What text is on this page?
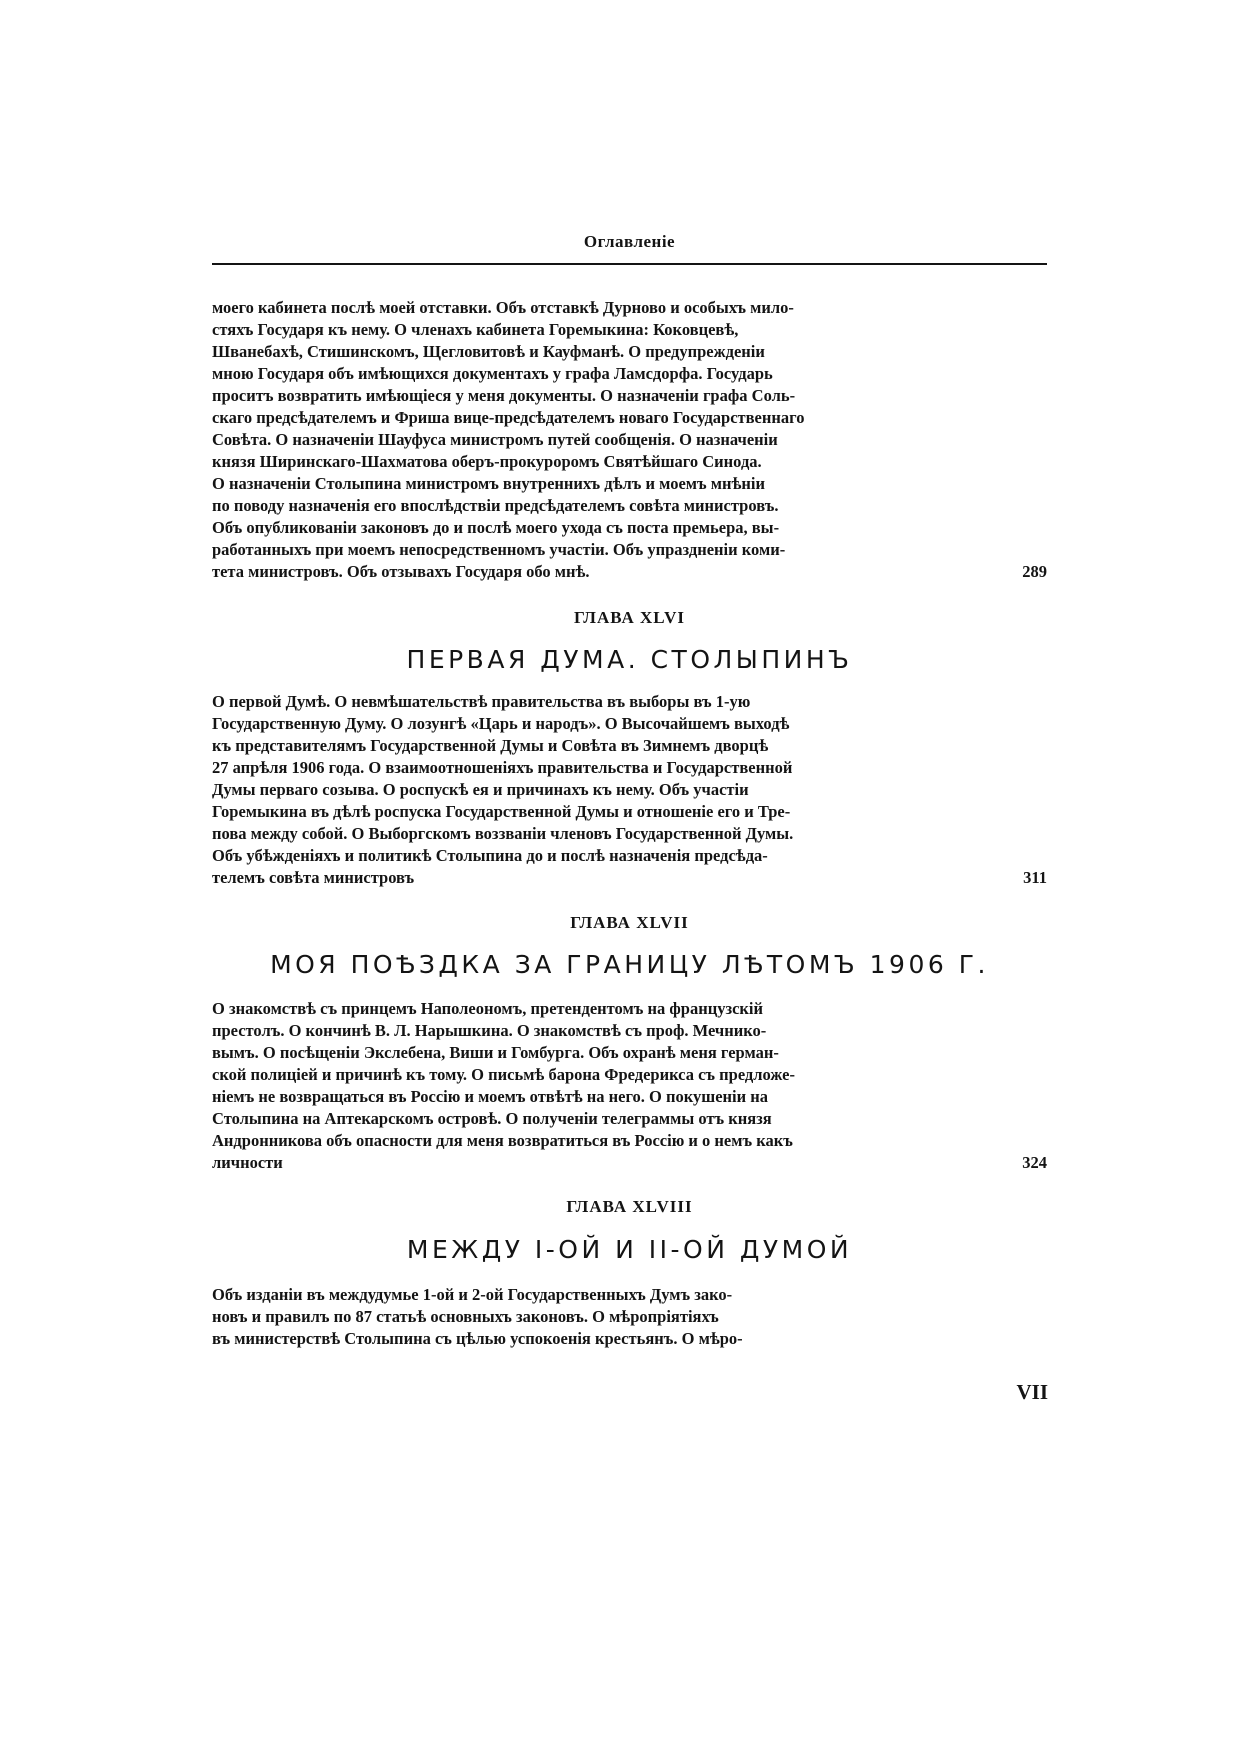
Оглавленіе

моего кабинета послѣ моей отставки. Объ отставкѣ Дурново и особыхъ мило-
стяхъ Государя къ нему. О членахъ кабинета Горемыкина: Коковцевѣ,
Шванебахѣ, Стишинскомъ, Щегловитовѣ и Кауфманѣ. О предупрежденіи
мною Государя объ имѣющихся документахъ у графа Ламсдорфа. Государь
проситъ возвратить имѣющіеся у меня документы. О назначеніи графа Соль-
скаго предсѣдателемъ и Фриша вице-предсѣдателемъ новаго Государственнаго
Совѣта. О назначеніи Шауфуса министромъ путей сообщенія. О назначеніи
князя Ширинскаго-Шахматова оберъ-прокуроромъ Святѣйшаго Синода.
О назначеніи Столыпина министромъ внутреннихъ дѣлъ и моемъ мнѣніи
по поводу назначенія его впослѣдствіи предсѣдателемъ совѣта министровъ.
Объ опубликованіи законовъ до и послѣ моего ухода съ поста премьера, вы-
работанныхъ при моемъ непосредственномъ участіи. Объ упраздненіи коми-
тета министровъ. Объ отзывахъ Государя обо мнѣ.	289
ГЛАВА XLVI
ПЕРВАЯ ДУМА. СТОЛЫПИНЪ

О первой Думѣ. О невмѣшательствѣ правительства въ выборы въ 1-ую
Государственную Думу. О лозунгѣ «Царь и народъ». О Высочайшемъ выходѣ
къ представителямъ Государственной Думы и Совѣта въ Зимнемъ дворцѣ
27 апрѣля 1906 года. О взаимоотношеніяхъ правительства и Государственной
Думы перваго созыва. О роспускѣ ея и причинахъ къ нему. Объ участіи
Горемыкина въ дѣлѣ роспуска Государственной Думы и отношеніе его и Тре-
пова между собой. О Выборгскомъ воззваніи членовъ Государственной Думы.
Объ убѣжденіяхъ и политикѣ Столыпина до и послѣ назначенія предсѣда-
телемъ совѣта министровъ	311
ГЛАВА XLVII
МОЯ ПОѢЗДКА ЗА ГРАНИЦУ ЛѢТОМЪ 1906 Г.

О знакомствѣ съ принцемъ Наполеономъ, претендентомъ на французскій
престолъ. О кончинѣ В. Л. Нарышкина. О знакомствѣ съ проф. Мечнико-
вымъ. О посѣщеніи Экслебена, Виши и Гомбурга. Объ охранѣ меня герман-
ской полиціей и причинѣ къ тому. О письмѣ барона Фредерикса съ предложе-
ніемъ не возвращаться въ Россію и моемъ отвѣтѣ на него. О покушеніи на
Столыпина на Аптекарскомъ островѣ. О полученіи телеграммы отъ князя
Андронникова объ опасности для меня возвратиться въ Россію и о немъ какъ
личности	324
ГЛАВА XLVIII
МЕЖДУ I-ОЙ И II-ОЙ ДУМОЙ

Объ изданіи въ междудумье 1-ой и 2-ой Государственныхъ Думъ зако-
новъ и правилъ по 87 статьѣ основныхъ законовъ. О мѣропріятіяхъ
въ министерствѣ Столыпина съ цѣлью успокоенія крестьянъ. О мѣро-

VII
